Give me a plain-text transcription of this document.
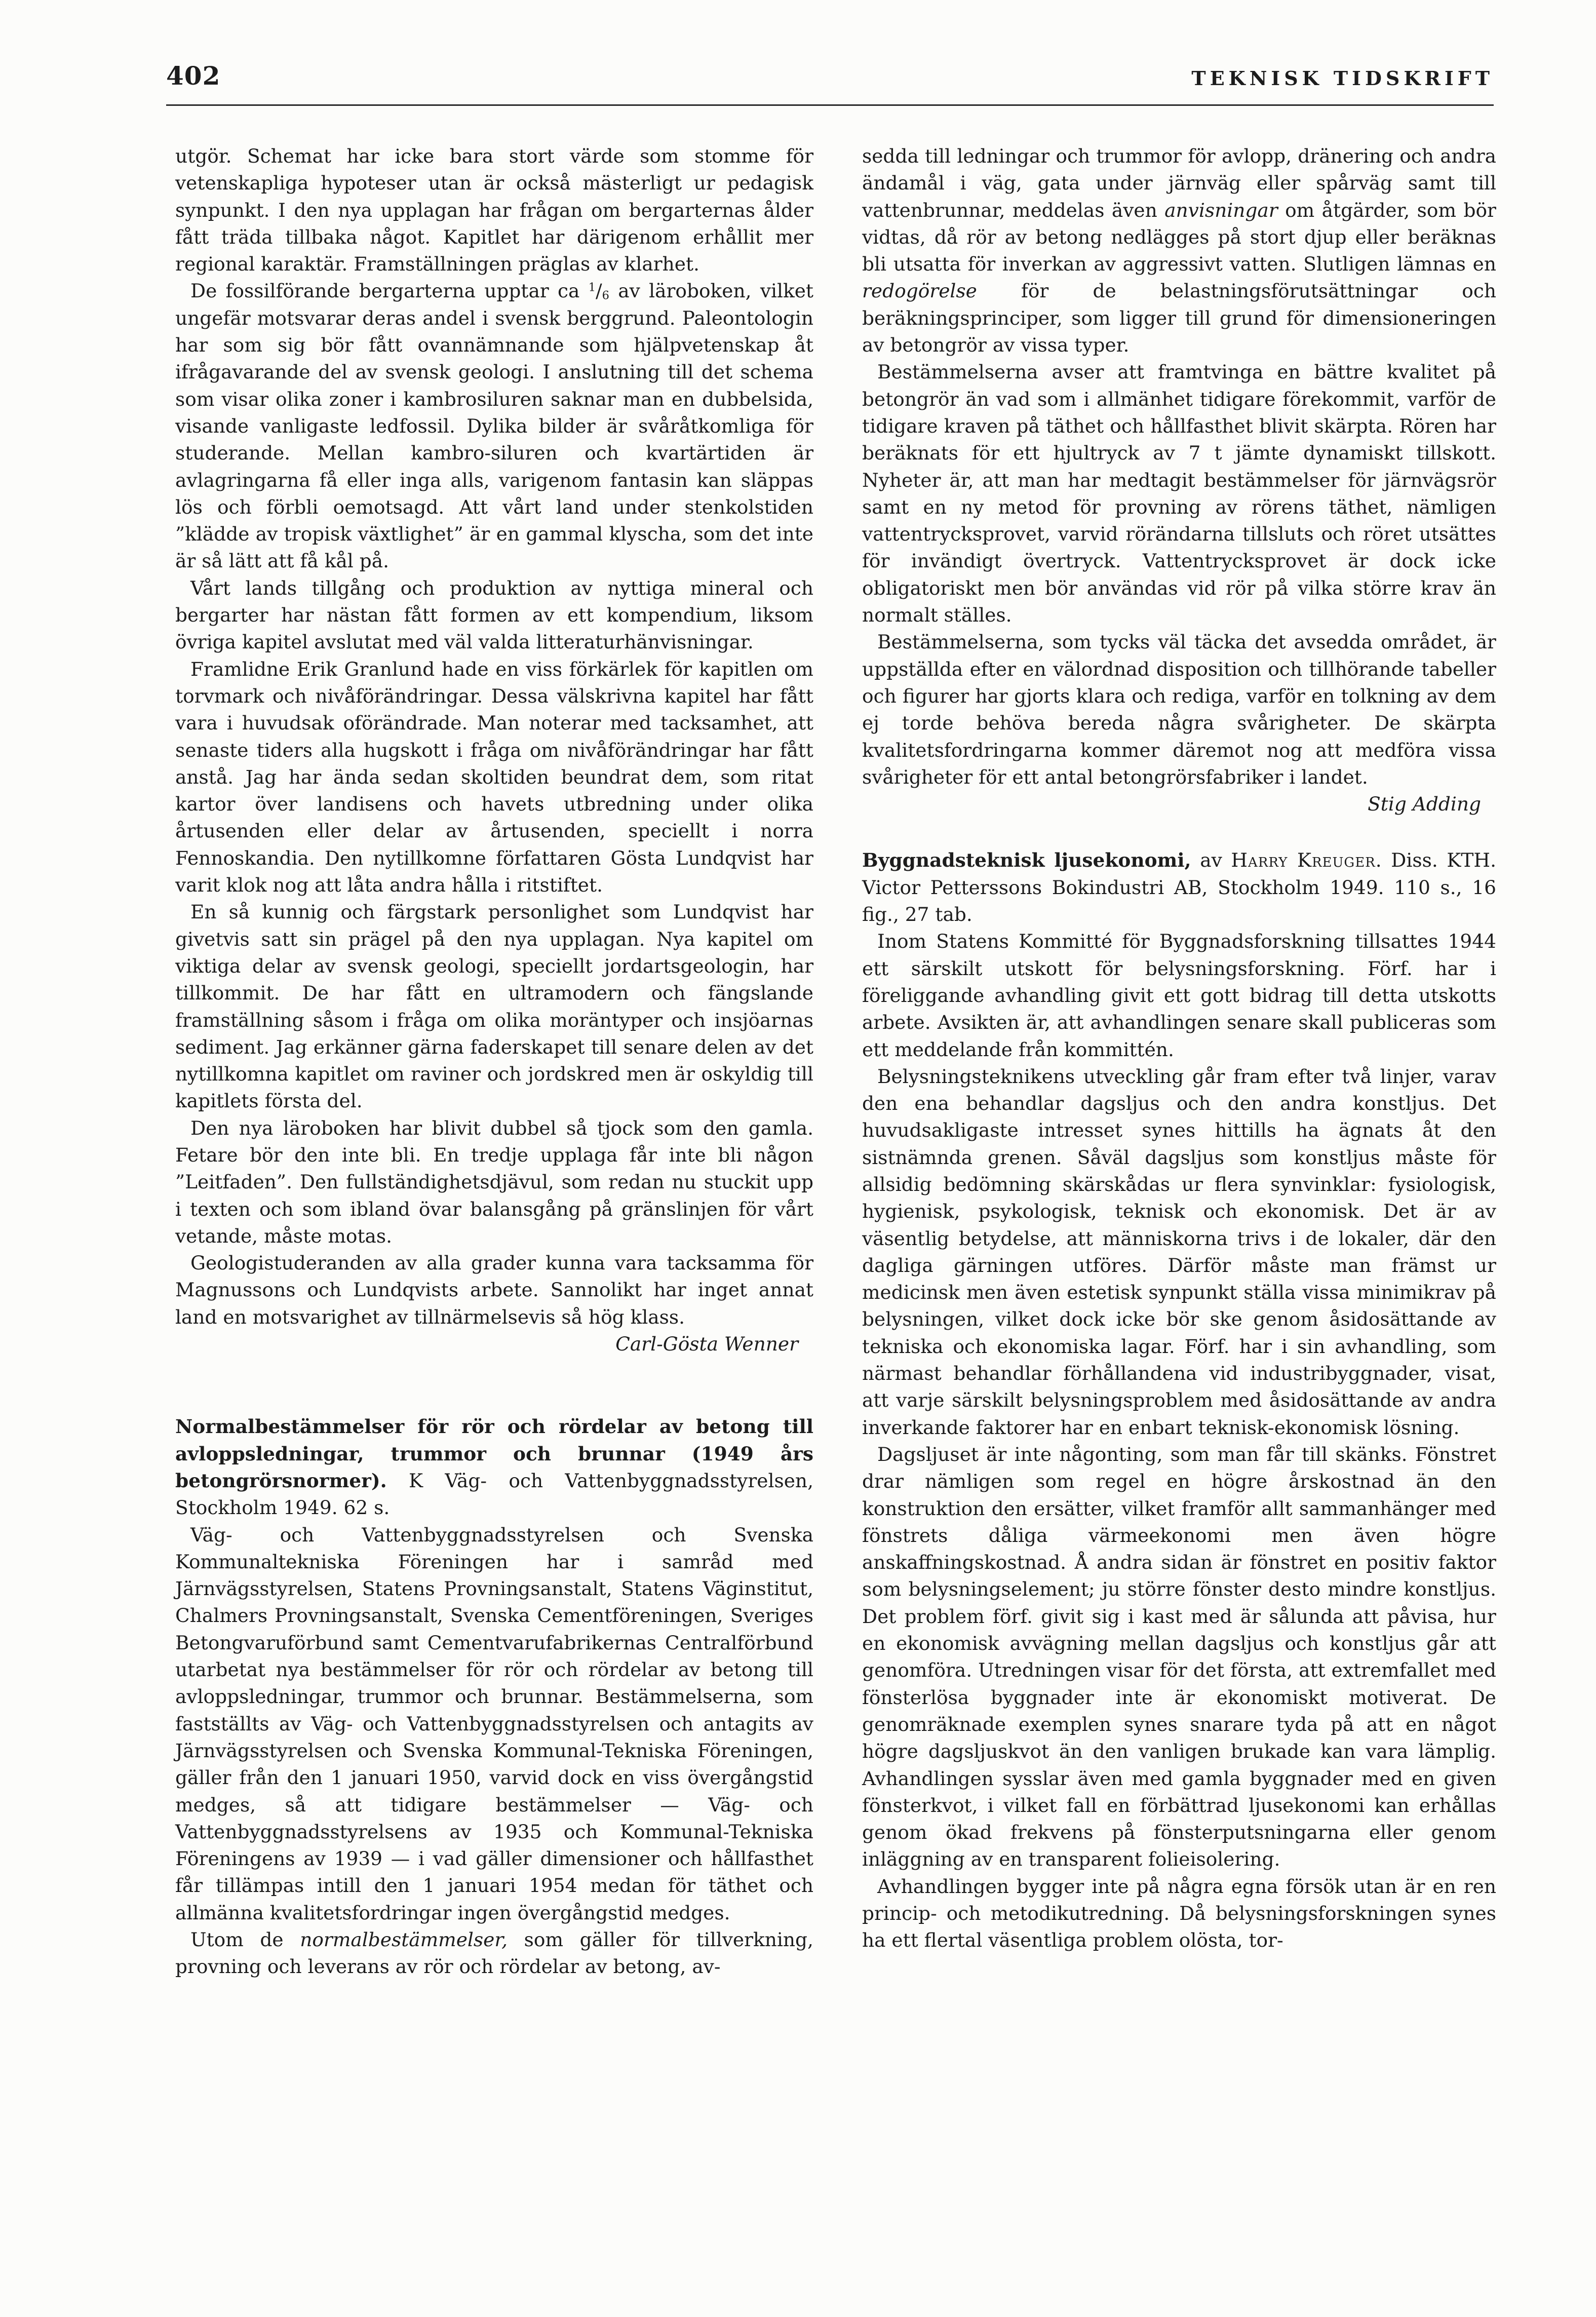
402	TEKNISK TIDSKRIFT

utgör. Schemat har icke bara stort värde som stomme för vetenskapliga hypoteser utan är också mästerligt ur pedagisk synpunkt. I den nya upplagan har frågan om bergarternas ålder fått träda tillbaka något. Kapitlet har därigenom erhållit mer regional karaktär. Framställningen präglas av klarhet.

De fossilförande bergarterna upptar ca $^1/_6$ av läroboken, vilket ungefär motsvarar deras andel i svensk berggrund. Paleontologin har som sig bör fått ovannämnande som hjälpvetenskap åt ifrågavarande del av svensk geologi. I anslutning till det schema som visar olika zoner i kambrosiluren saknar man en dubbelsida, visande vanligaste ledfossil. Dylika bilder är svåråtkomliga för studerande. Mellan kambro-siluren och kvartärtiden är avlagringarna få eller inga alls, varigenom fantasin kan släppas lös och förbli oemotsagd. Att vårt land under stenkolstiden ”klädde av tropisk växtlighet” är en gammal klyscha, som det inte är så lätt att få kål på.

Vårt lands tillgång och produktion av nyttiga mineral och bergarter har nästan fått formen av ett kompendium, liksom övriga kapitel avslutat med väl valda litteraturhänvisningar.

Framlidne Erik Granlund hade en viss förkärlek för kapitlen om torvmark och nivåförändringar. Dessa välskrivna kapitel har fått vara i huvudsak oförändrade. Man noterar med tacksamhet, att senaste tiders alla hugskott i fråga om nivåförändringar har fått anstå. Jag har ända sedan skoltiden beundrat dem, som ritat kartor över landisens och havets utbredning under olika årtusenden eller delar av årtusenden, speciellt i norra Fennoskandia. Den nytillkomne författaren Gösta Lundqvist har varit klok nog att låta andra hålla i ritstiftet.

En så kunnig och färgstark personlighet som Lundqvist har givetvis satt sin prägel på den nya upplagan. Nya kapitel om viktiga delar av svensk geologi, speciellt jordartsgeologin, har tillkommit. De har fått en ultramodern och fängslande framställning såsom i fråga om olika moräntyper och insjöarnas sediment. Jag erkänner gärna faderskapet till senare delen av det nytillkomna kapitlet om raviner och jordskred men är oskyldig till kapitlets första del.

Den nya läroboken har blivit dubbel så tjock som den gamla. Fetare bör den inte bli. En tredje upplaga får inte bli någon ”Leitfaden”. Den fullständighetsdjävul, som redan nu stuckit upp i texten och som ibland övar balansgång på gränslinjen för vårt vetande, måste motas.

Geologistuderanden av alla grader kunna vara tacksamma för Magnussons och Lundqvists arbete. Sannolikt har inget annat land en motsvarighet av tillnärmelsevis så hög klass.

Carl-Gösta Wenner

Normalbestämmelser för rör och rördelar av betong till avloppsledningar, trummor och brunnar (1949 års betongrörsnormer). K Väg- och Vattenbyggnadsstyrelsen, Stockholm 1949. 62 s.

Väg- och Vattenbyggnadsstyrelsen och Svenska Kommunaltekniska Föreningen har i samråd med Järnvägsstyrelsen, Statens Provningsanstalt, Statens Väginstitut, Chalmers Provningsanstalt, Svenska Cementföreningen, Sveriges Betongvaruförbund samt Cementvarufabrikernas Centralförbund utarbetat nya bestämmelser för rör och rördelar av betong till avloppsledningar, trummor och brunnar. Bestämmelserna, som fastställts av Väg- och Vattenbyggnadsstyrelsen och antagits av Järnvägsstyrelsen och Svenska Kommunal-Tekniska Föreningen, gäller från den 1 januari 1950, varvid dock en viss övergångstid medges, så att tidigare bestämmelser — Väg- och Vattenbyggnadsstyrelsens av 1935 och Kommunal-Tekniska Föreningens av 1939 — i vad gäller dimensioner och hållfasthet får tillämpas intill den 1 januari 1954 medan för täthet och allmänna kvalitetsfordringar ingen övergångstid medges.

Utom de normalbestämmelser, som gäller för tillverkning, provning och leverans av rör och rördelar av betong, av-

sedda till ledningar och trummor för avlopp, dränering och andra ändamål i väg, gata under järnväg eller spårväg samt till vattenbrunnar, meddelas även anvisningar om åtgärder, som bör vidtas, då rör av betong nedlägges på stort djup eller beräknas bli utsatta för inverkan av aggressivt vatten. Slutligen lämnas en redogörelse för de belastningsförutsättningar och beräkningsprinciper, som ligger till grund för dimensioneringen av betongrör av vissa typer.

Bestämmelserna avser att framtvinga en bättre kvalitet på betongrör än vad som i allmänhet tidigare förekommit, varför de tidigare kraven på täthet och hållfasthet blivit skärpta. Rören har beräknats för ett hjultryck av 7 t jämte dynamiskt tillskott. Nyheter är, att man har medtagit bestämmelser för järnvägsrör samt en ny metod för provning av rörens täthet, nämligen vattentrycksprovet, varvid rörändarna tillsluts och röret utsättes för invändigt övertryck. Vattentrycksprovet är dock icke obligatoriskt men bör användas vid rör på vilka större krav än normalt ställes.

Bestämmelserna, som tycks väl täcka det avsedda området, är uppställda efter en välordnad disposition och tillhörande tabeller och figurer har gjorts klara och rediga, varför en tolkning av dem ej torde behöva bereda några svårigheter. De skärpta kvalitetsfordringarna kommer däremot nog att medföra vissa svårigheter för ett antal betongrörsfabriker i landet.

Stig Adding

Byggnadsteknisk ljusekonomi, av Harry Kreuger. Diss. KTH. Victor Petterssons Bokindustri AB, Stockholm 1949. 110 s., 16 fig., 27 tab.

Inom Statens Kommitté för Byggnadsforskning tillsattes 1944 ett särskilt utskott för belysningsforskning. Förf. har i föreliggande avhandling givit ett gott bidrag till detta utskotts arbete. Avsikten är, att avhandlingen senare skall publiceras som ett meddelande från kommittén.

Belysningsteknikens utveckling går fram efter två linjer, varav den ena behandlar dagsljus och den andra konstljus. Det huvudsakligaste intresset synes hittills ha ägnats åt den sistnämnda grenen. Såväl dagsljus som konstljus måste för allsidig bedömning skärskådas ur flera synvinklar: fysiologisk, hygienisk, psykologisk, teknisk och ekonomisk. Det är av väsentlig betydelse, att människorna trivs i de lokaler, där den dagliga gärningen utföres. Därför måste man främst ur medicinsk men även estetisk synpunkt ställa vissa minimikrav på belysningen, vilket dock icke bör ske genom åsidosättande av tekniska och ekonomiska lagar. Förf. har i sin avhandling, som närmast behandlar förhållandena vid industribyggnader, visat, att varje särskilt belysningsproblem med åsidosättande av andra inverkande faktorer har en enbart teknisk-ekonomisk lösning.

Dagsljuset är inte någonting, som man får till skänks. Fönstret drar nämligen som regel en högre årskostnad än den konstruktion den ersätter, vilket framför allt sammanhänger med fönstrets dåliga värmeekonomi men även högre anskaffningskostnad. Å andra sidan är fönstret en positiv faktor som belysningselement; ju större fönster desto mindre konstljus. Det problem förf. givit sig i kast med är sålunda att påvisa, hur en ekonomisk avvägning mellan dagsljus och konstljus går att genomföra. Utredningen visar för det första, att extremfallet med fönsterlösa byggnader inte är ekonomiskt motiverat. De genomräknade exemplen synes snarare tyda på att en något högre dagsljuskvot än den vanligen brukade kan vara lämplig. Avhandlingen sysslar även med gamla byggnader med en given fönsterkvot, i vilket fall en förbättrad ljusekonomi kan erhållas genom ökad frekvens på fönsterputsningarna eller genom inläggning av en transparent folieisolering.

Avhandlingen bygger inte på några egna försök utan är en ren princip- och metodikutredning. Då belysningsforskningen synes ha ett flertal väsentliga problem olösta, tor-
